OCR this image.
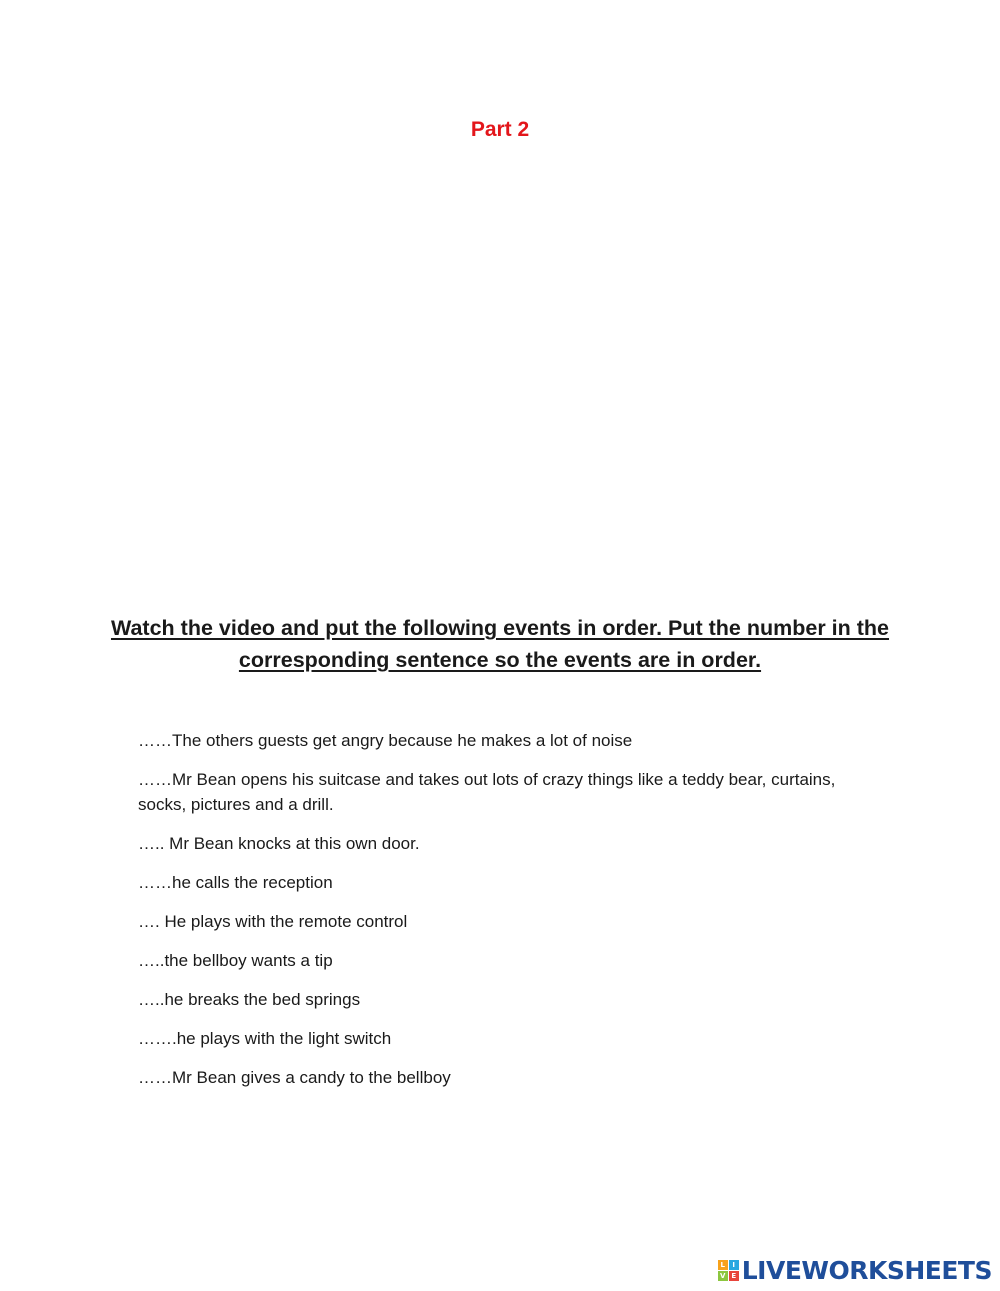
Part 2
Watch the video and put the following events in order. Put the number in the corresponding sentence so the events are in order.
……The others guests get angry because he makes a lot of noise
……Mr Bean opens his suitcase and takes out lots of crazy things like a teddy bear, curtains, socks, pictures and a drill.
….. Mr Bean knocks at this own door.
……he calls the reception
…. He plays with the remote control
…..the bellboy wants a tip
…..he breaks the bed springs
…….he plays with the light switch
……Mr Bean gives a candy to the bellboy
L	I
V E LIVEWORKSHEETS
